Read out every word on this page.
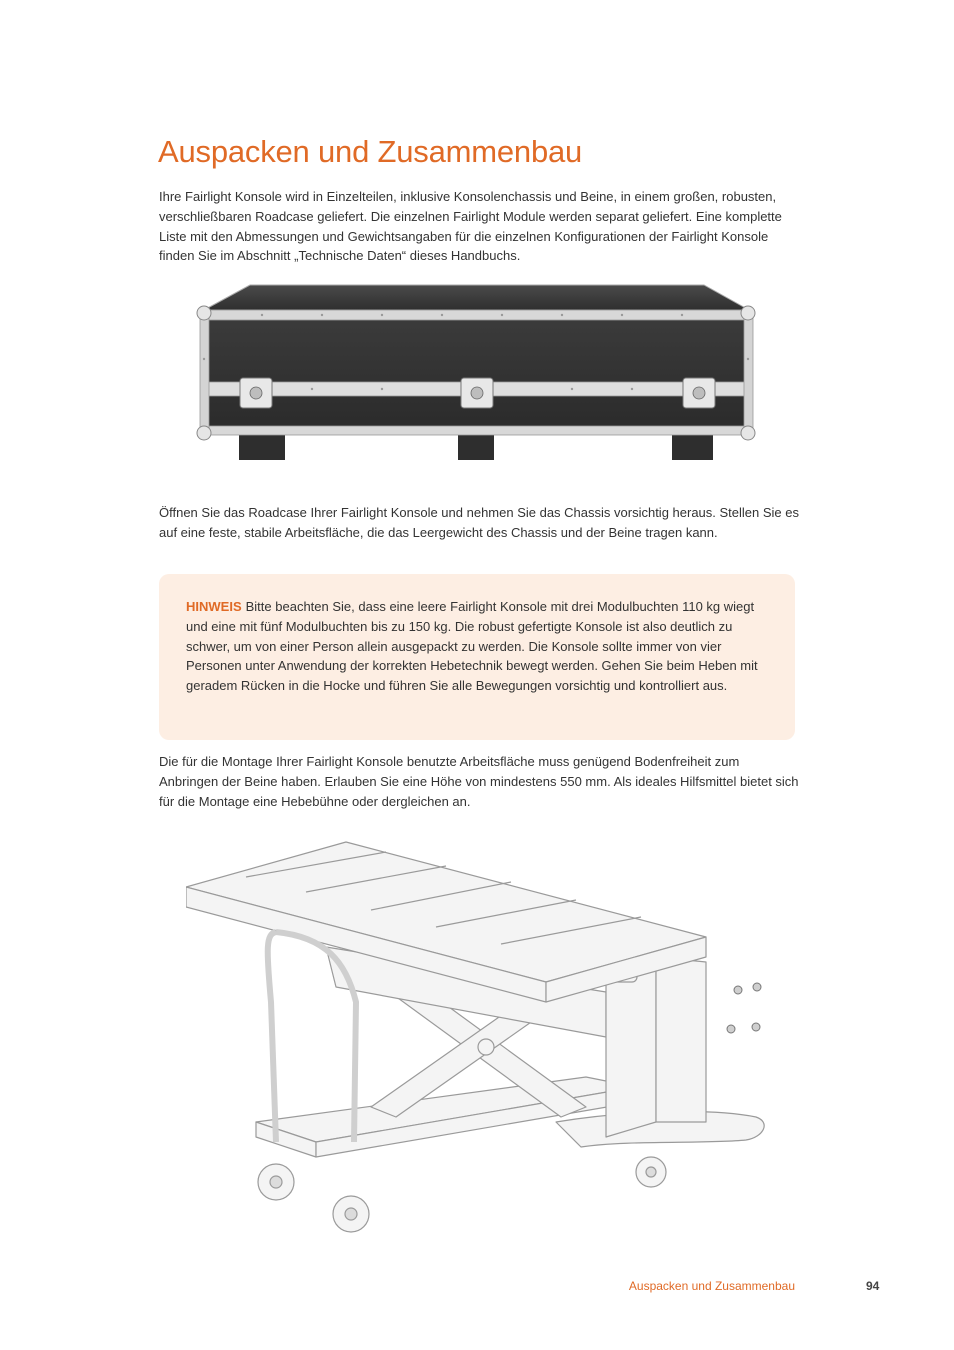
Auspacken und Zusammenbau

Ihre Fairlight Konsole wird in Einzelteilen, inklusive Konsolenchassis und Beine, in einem großen, robusten, verschließbaren Roadcase geliefert. Die einzelnen Fairlight Module werden separat geliefert. Eine komplette Liste mit den Abmessungen und Gewichtsangaben für die einzelnen Konfigurationen der Fairlight Konsole finden Sie im Abschnitt „Technische Daten“ dieses Handbuchs.

Öffnen Sie das Roadcase Ihrer Fairlight Konsole und nehmen Sie das Chassis vorsichtig heraus. Stellen Sie es auf eine feste, stabile Arbeitsfläche, die das Leergewicht des Chassis und der Beine tragen kann.

HINWEIS Bitte beachten Sie, dass eine leere Fairlight Konsole mit drei Modulbuchten 110 kg wiegt und eine mit fünf Modulbuchten bis zu 150 kg. Die robust gefertigte Konsole ist also deutlich zu schwer, um von einer Person allein ausgepackt zu werden. Die Konsole sollte immer von vier Personen unter Anwendung der korrekten Hebetechnik bewegt werden. Gehen Sie beim Heben mit geradem Rücken in die Hocke und führen Sie alle Bewegungen vorsichtig und kontrolliert aus.

Die für die Montage Ihrer Fairlight Konsole benutzte Arbeitsfläche muss genügend Bodenfreiheit zum Anbringen der Beine haben. Erlauben Sie eine Höhe von mindestens 550 mm. Als ideales Hilfsmittel bietet sich für die Montage eine Hebebühne oder dergleichen an.

Auspacken und Zusammenbau	94
